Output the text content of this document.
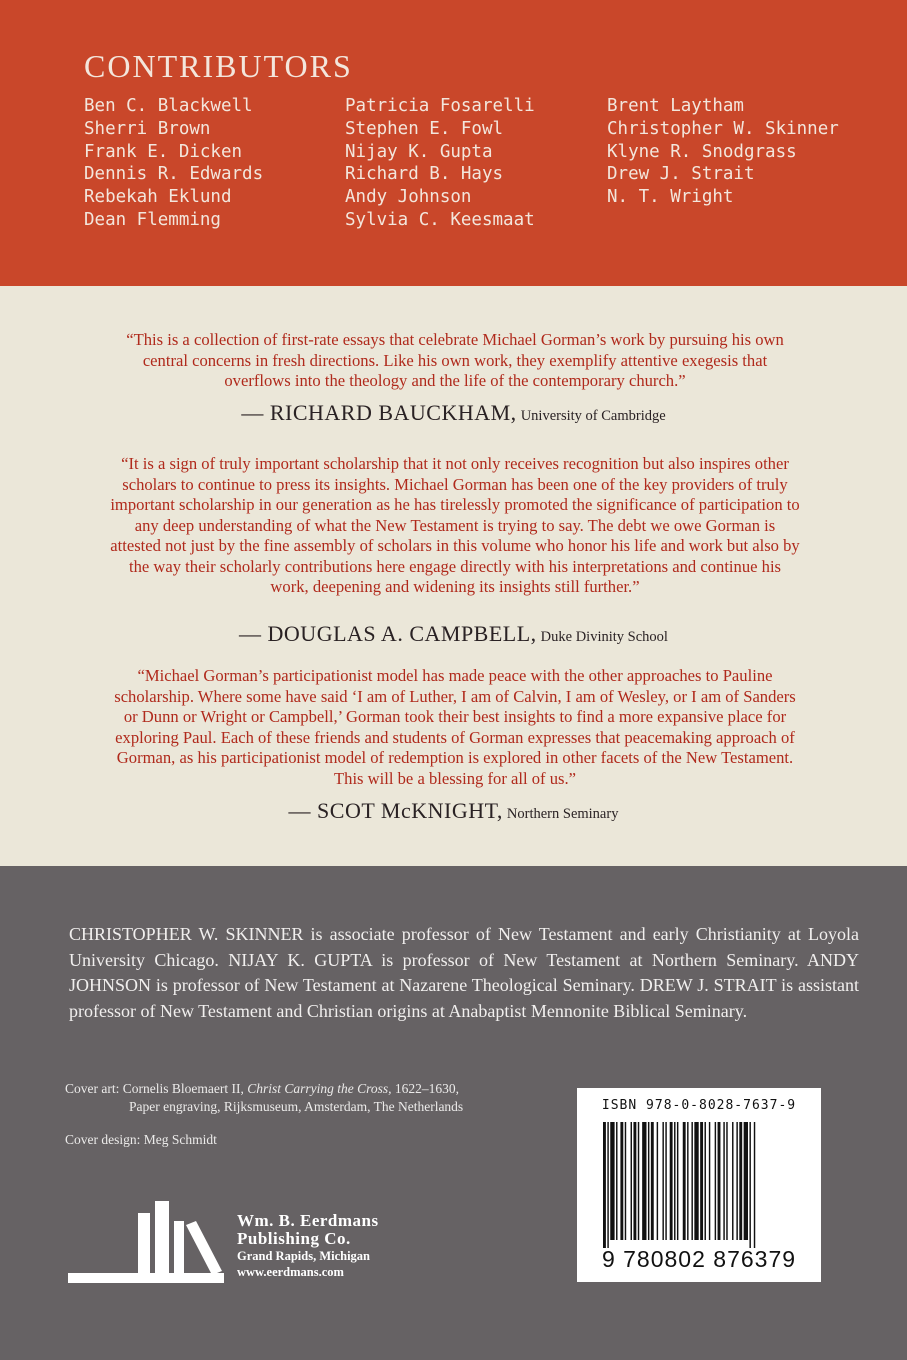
CONTRIBUTORS
Ben C. Blackwell
Sherri Brown
Frank E. Dicken
Dennis R. Edwards
Rebekah Eklund
Dean Flemming
Patricia Fosarelli
Stephen E. Fowl
Nijay K. Gupta
Richard B. Hays
Andy Johnson
Sylvia C. Keesmaat
Brent Laytham
Christopher W. Skinner
Klyne R. Snodgrass
Drew J. Strait
N. T. Wright

“This is a collection of first-rate essays that celebrate Michael Gorman’s work by pursuing his own central concerns in fresh directions. Like his own work, they exemplify attentive exegesis that overflows into the theology and the life of the contemporary church.”

— RICHARD BAUCKHAM, University of Cambridge

“It is a sign of truly important scholarship that it not only receives recognition but also inspires other scholars to continue to press its insights. Michael Gorman has been one of the key providers of truly important scholarship in our generation as he has tirelessly promoted the significance of participation to any deep understanding of what the New Testament is trying to say. The debt we owe Gorman is attested not just by the fine assembly of scholars in this volume who honor his life and work but also by the way their scholarly contributions here engage directly with his interpretations and continue his work, deepening and widening its insights still further.”

— DOUGLAS A. CAMPBELL, Duke Divinity School

“Michael Gorman’s participationist model has made peace with the other approaches to Pauline scholarship. Where some have said ‘I am of Luther, I am of Calvin, I am of Wesley, or I am of Sanders or Dunn or Wright or Campbell,’ Gorman took their best insights to find a more expansive place for exploring Paul. Each of these friends and students of Gorman expresses that peacemaking approach of Gorman, as his participationist model of redemption is explored in other facets of the New Testament. This will be a blessing for all of us.”

— SCOT McKNIGHT, Northern Seminary

CHRISTOPHER W. SKINNER is associate professor of New Testament and early Christianity at Loyola University Chicago. NIJAY K. GUPTA is professor of New Testament at Northern Seminary. ANDY JOHNSON is professor of New Testament at Nazarene Theological Seminary. DREW J. STRAIT is assistant professor of New Testament and Christian origins at Anabaptist Mennonite Biblical Seminary.

Cover art: Cornelis Bloemaert II, Christ Carrying the Cross, 1622–1630,
Paper engraving, Rijksmuseum, Amsterdam, The Netherlands

Cover design: Meg Schmidt

ISBN 978-0-8028-7637-9
9 780802 876379

Wm. B. Eerdmans
Publishing Co.
Grand Rapids, Michigan
www.eerdmans.com
